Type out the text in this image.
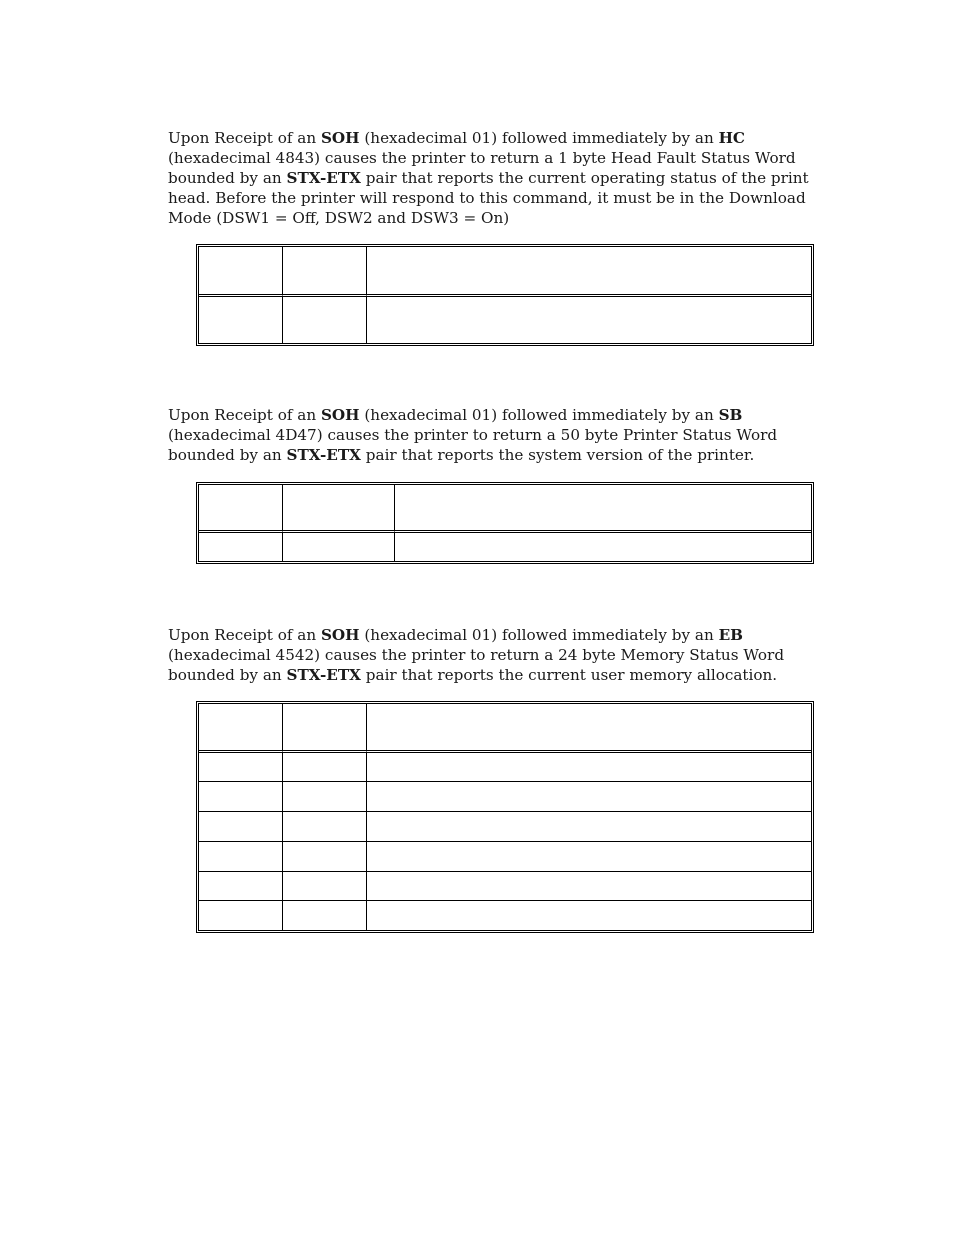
Upon Receipt of an SOH (hexadecimal 01) followed immediately by an HC
(hexadecimal 4843) causes the printer to return a 1 byte Head Fault Status Word
bounded by an STX-ETX pair that reports the current operating status of the print
head. Before the printer will respond to this command, it must be in the Download
Mode (DSW1 = Off, DSW2 and DSW3 = On)

Upon Receipt of an SOH (hexadecimal 01) followed immediately by an SB
(hexadecimal 4D47) causes the printer to return a 50 byte Printer Status Word
bounded by an STX-ETX pair that reports the system version of the printer.

Upon Receipt of an SOH (hexadecimal 01) followed immediately by an EB
(hexadecimal 4542) causes the printer to return a 24 byte Memory Status Word
bounded by an STX-ETX pair that reports the current user memory allocation.
